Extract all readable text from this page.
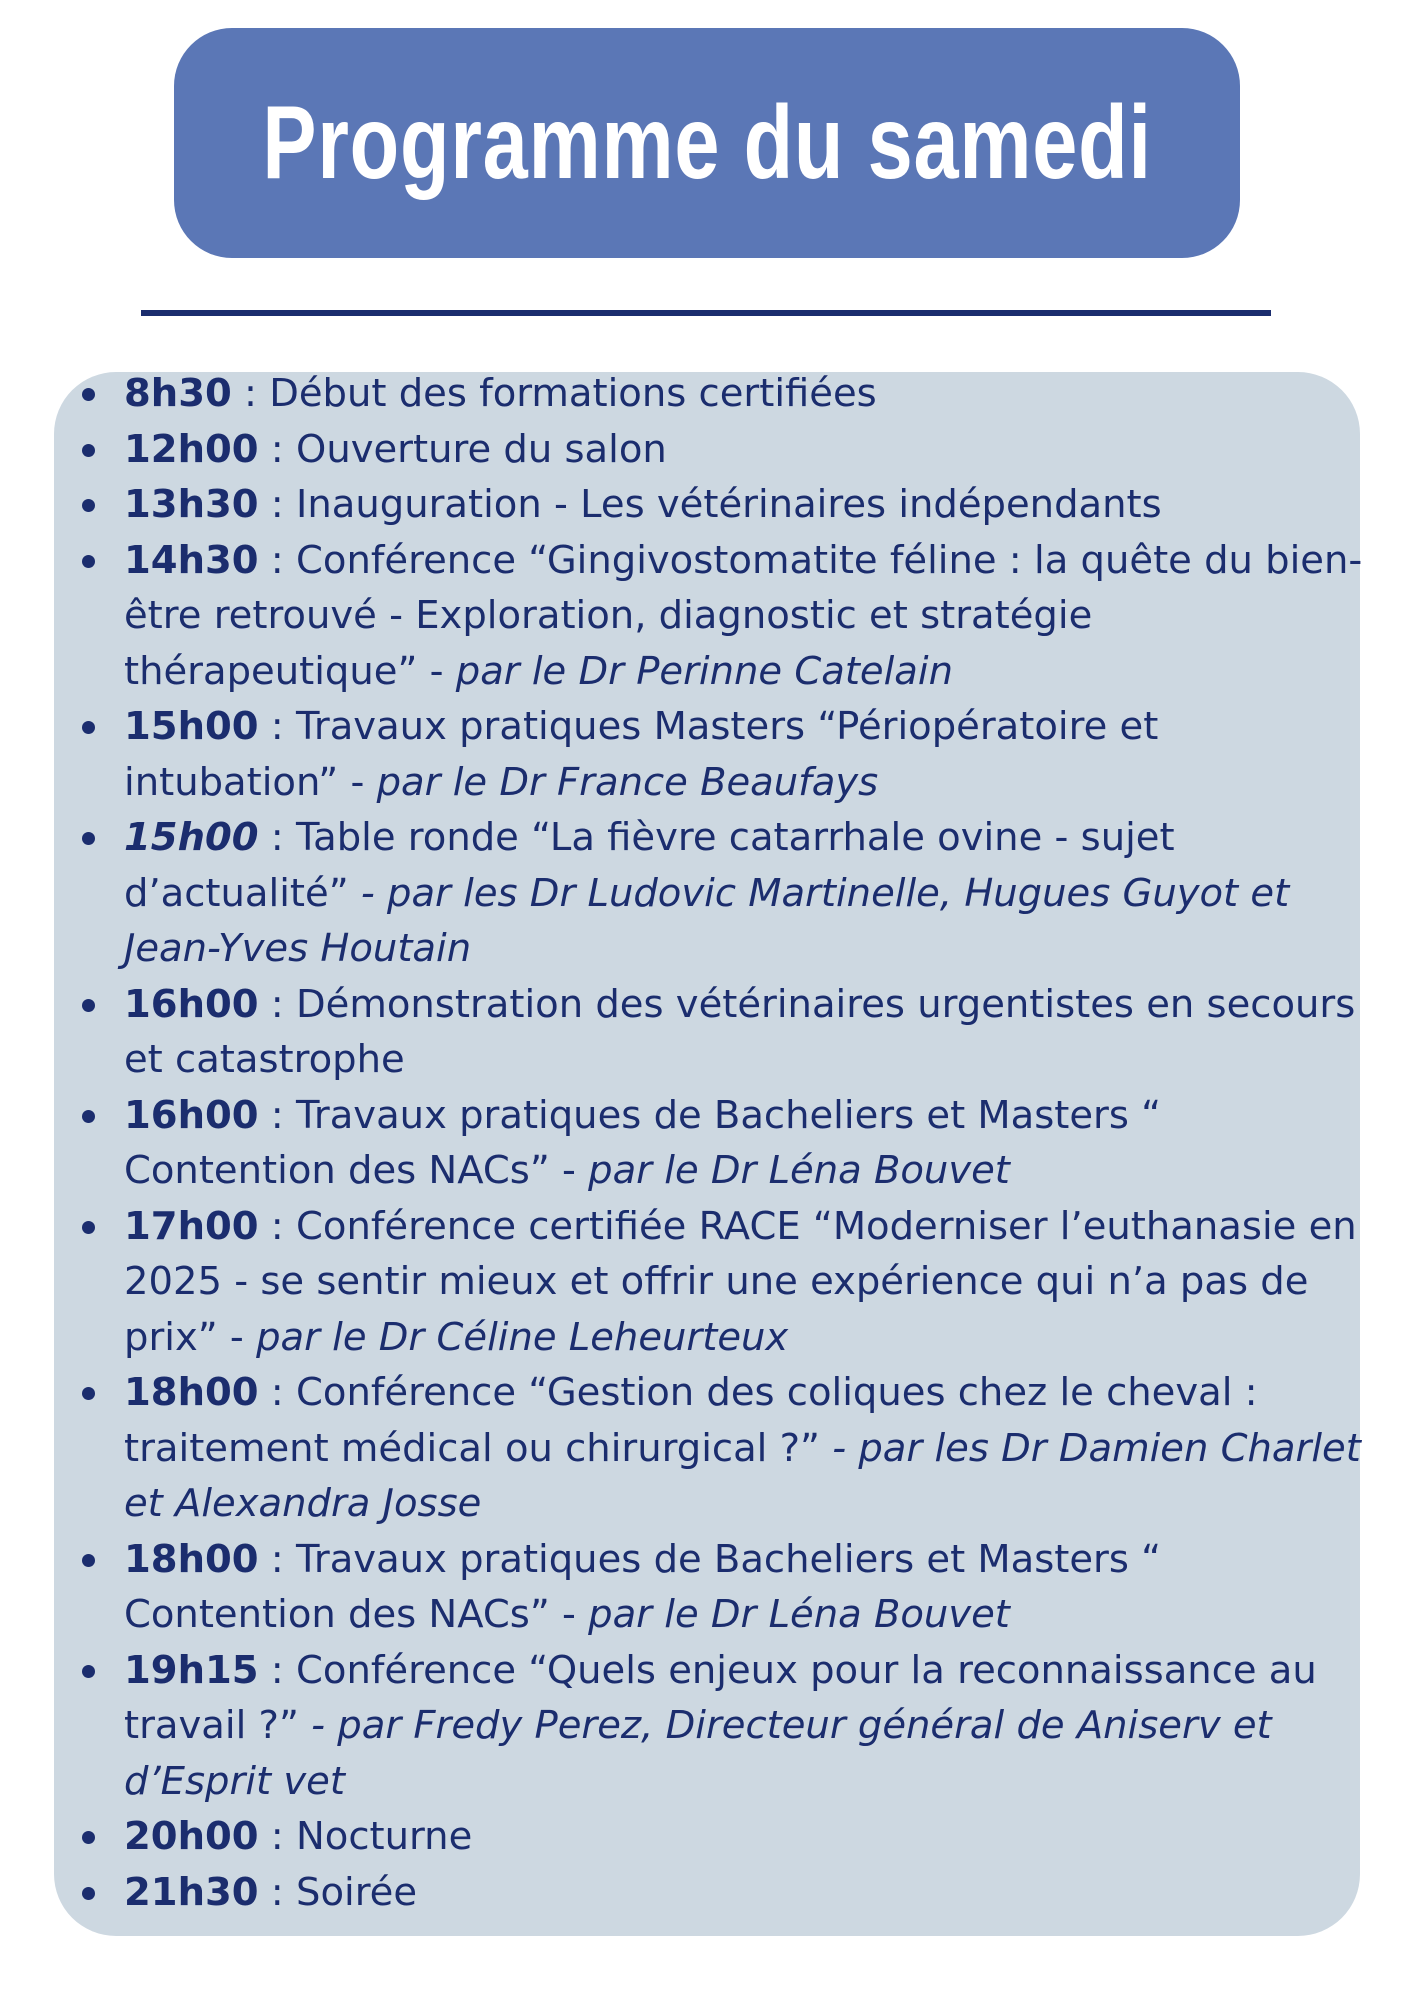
Programme du samedi
8h30 : Début des formations certifiées
12h00 : Ouverture du salon
13h30 : Inauguration - Les vétérinaires indépendants
14h30 : Conférence “Gingivostomatite féline : la quête du bien-être retrouvé - Exploration, diagnostic et stratégie thérapeutique” - par le Dr Perinne Catelain
15h00 : Travaux pratiques Masters “Périopératoire et intubation” - par le Dr France Beaufays
15h00 : Table ronde “La fièvre catarrhale ovine - sujet d’actualité” - par les Dr Ludovic Martinelle, Hugues Guyot et Jean-Yves Houtain
16h00 : Démonstration des vétérinaires urgentistes en secours et catastrophe
16h00 : Travaux pratiques de Bacheliers et Masters “ Contention des NACs” - par le Dr Léna Bouvet
17h00 : Conférence certifiée RACE “Moderniser l’euthanasie en 2025 - se sentir mieux et offrir une expérience qui n’a pas de prix” - par le Dr Céline Leheurteux
18h00 : Conférence “Gestion des coliques chez le cheval : traitement médical ou chirurgical ?” - par les Dr Damien Charlet et Alexandra Josse
18h00 : Travaux pratiques de Bacheliers et Masters “ Contention des NACs” - par le Dr Léna Bouvet
19h15 : Conférence “Quels enjeux pour la reconnaissance au travail ?” - par Fredy Perez, Directeur général de Aniserv et d’Esprit vet
20h00 : Nocturne
21h30 : Soirée
